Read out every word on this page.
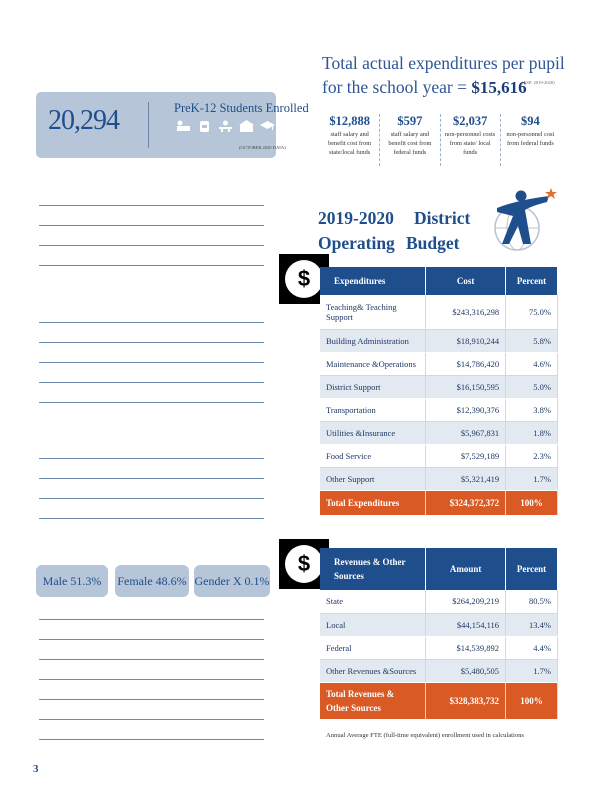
Total actual expenditures per pupil
for the school year = $15,616
(ESP: 2019-2020)
$12,888
staff salary and benefit cost from state/local funds
$597
staff salary and benefit cost from federal funds
$2,037
non-personnel costs from state/ local funds
$94
non-personnel cost from federal funds
20,294	PreK-12 Students Enrolled
(OCTOBER 2020 DATA)
Male 51.3%	Female 48.6% Gender X 0.1%
2019-2020 District
Operating Budget
$
$
Expenditures	Cost	Percent
Teaching& Teaching Support	$243,316,298	75.0%
Building Administration	$18,910,244	5.8%
Maintenance &Operations	$14,786,420	4.6%
District Support	$16,150,595	5.0%
Transportation	$12,390,376	3.8%
Utilities &Insurance	$5,967,831	1.8%
Food Service	$7,529,189	2.3%
Other Support	$5,321,419	1.7%
Total Expenditures	$324,372,372	100%
Revenues & Other Sources	Amount	Percent
State	$264,209,219	80.5%
Local	$44,154,116	13.4%
Federal	$14,539,892	4.4%
Other Revenues &Sources	$5,480,505	1.7%
Total Revenues & Other Sources	$328,383,732	100%
Annual Average FTE (full-time equivalent) enrollment used in calculations
3
